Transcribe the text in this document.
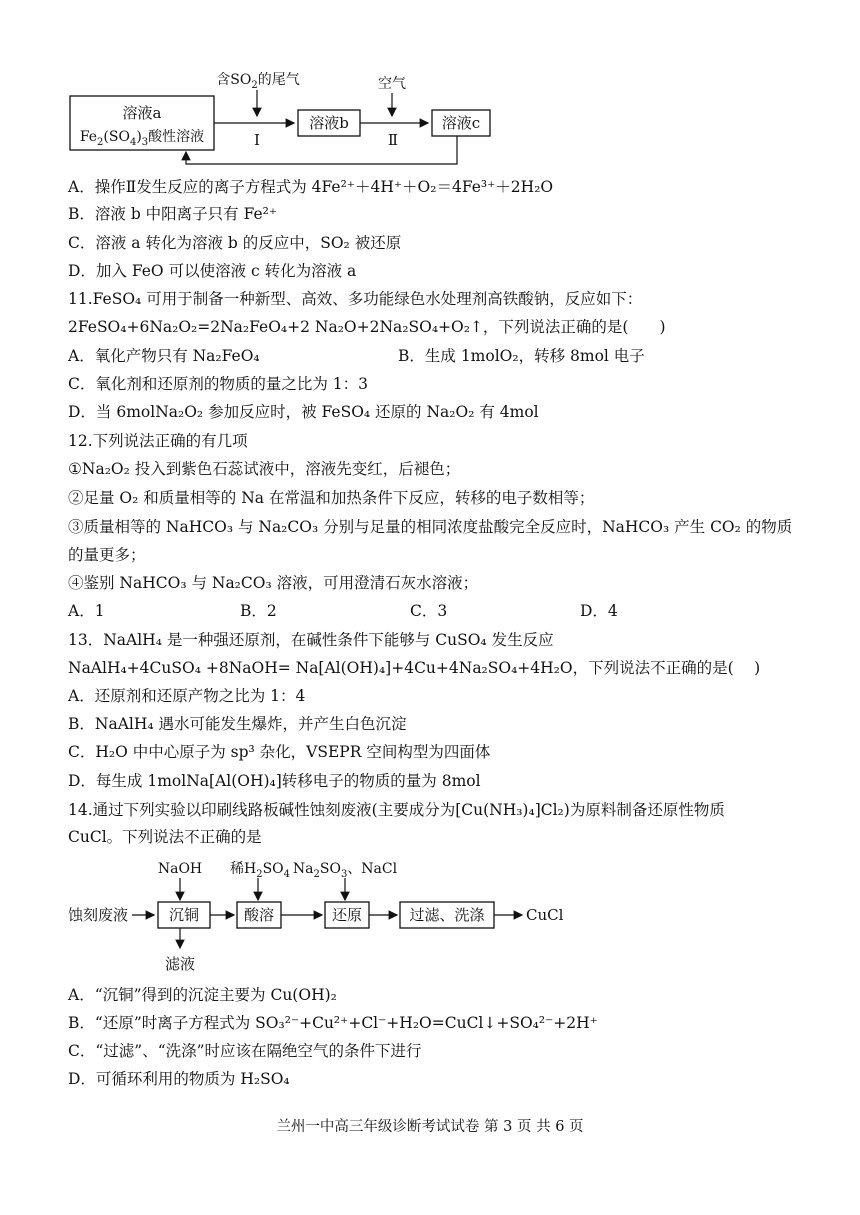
溶液a
$Fe_2(SO_4)_3$酸性溶液
含$SO_2$的尾气
Ⅰ
溶液b
空气
Ⅱ
溶液c
A．操作Ⅱ发生反应的离子方程式为 4Fe²⁺＋4H⁺＋O₂＝4Fe³⁺＋2H₂O
B．溶液 b 中阳离子只有 Fe²⁺
C．溶液 a 转化为溶液 b 的反应中，SO₂ 被还原
D．加入 FeO 可以使溶液 c 转化为溶液 a
11.FeSO₄ 可用于制备一种新型、高效、多功能绿色水处理剂高铁酸钠，反应如下：
2FeSO₄+6Na₂O₂=2Na₂FeO₄+2 Na₂O+2Na₂SO₄+O₂↑，下列说法正确的是(　　)
A．氧化产物只有 Na₂FeO₄	B．生成 1molO₂，转移 8mol 电子
C．氧化剂和还原剂的物质的量之比为 1：3
D．当 6molNa₂O₂ 参加反应时，被 FeSO₄ 还原的 Na₂O₂ 有 4mol
12.下列说法正确的有几项
①Na₂O₂ 投入到紫色石蕊试液中，溶液先变红，后褪色；
②足量 O₂ 和质量相等的 Na 在常温和加热条件下反应，转移的电子数相等；
③质量相等的 NaHCO₃ 与 Na₂CO₃ 分别与足量的相同浓度盐酸完全反应时，NaHCO₃ 产生 CO₂ 的物质
的量更多；
④鉴别 NaHCO₃ 与 Na₂CO₃ 溶液，可用澄清石灰水溶液；
A．1	B．2	C．3	D．4
13．NaAlH₄ 是一种强还原剂，在碱性条件下能够与 CuSO₄ 发生反应
NaAlH₄+4CuSO₄ +8NaOH= Na[Al(OH)₄]+4Cu+4Na₂SO₄+4H₂O，下列说法不正确的是(　 )
A．还原剂和还原产物之比为 1：4
B．NaAlH₄ 遇水可能发生爆炸，并产生白色沉淀
C．H₂O 中中心原子为 sp³ 杂化，VSEPR 空间构型为四面体
D．每生成 1molNa[Al(OH)₄]转移电子的物质的量为 8mol
14.通过下列实验以印刷线路板碱性蚀刻废液(主要成分为[Cu(NH₃)₄]Cl₂)为原料制备还原性物质
CuCl。下列说法不正确的是
蚀刻废液
NaOH
沉铜
滤液
稀$H_2SO_4$
酸溶
$Na_2SO_3$、NaCl
还原	过滤、洗涤	CuCl
A．“沉铜”得到的沉淀主要为 Cu(OH)₂
B．“还原”时离子方程式为 SO₃²⁻+Cu²⁺+Cl⁻+H₂O=CuCl↓+SO₄²⁻+2H⁺
C．“过滤”、“洗涤”时应该在隔绝空气的条件下进行
D．可循环利用的物质为 H₂SO₄
兰州一中高三年级诊断考试试卷 第 3 页 共 6 页
